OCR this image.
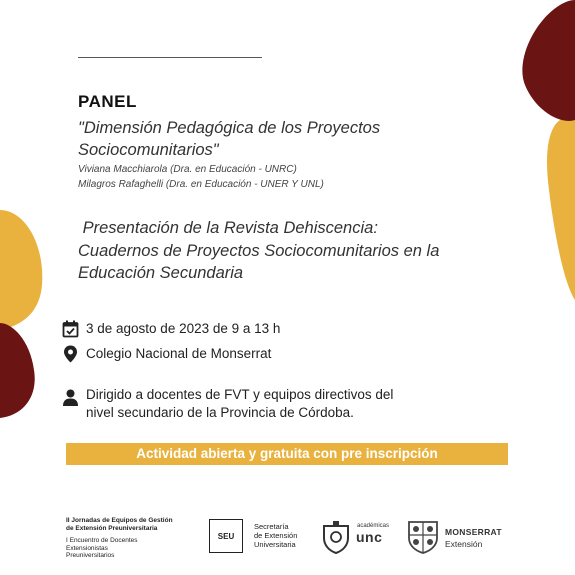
PANEL
"Dimensión Pedagógica de los Proyectos
Sociocomunitarios"
Viviana Macchiarola (Dra. en Educación - UNRC)
Milagros Rafaghelli (Dra. en Educación - UNER Y UNL)
Presentación de la Revista Dehiscencia:
Cuadernos de Proyectos Sociocomunitarios en la
Educación Secundaria
3 de agosto de 2023 de 9 a 13 h
Colegio Nacional de Monserrat
Dirigido a docentes de FVT y equipos directivos del
nivel secundario de la Provincia de Córdoba.
Actividad abierta y gratuita con pre inscripción
II Jornadas de Equipos de Gestión
de Extensión Preuniversitaria
I Encuentro de Docentes
Extensionistas
Preuniversitarios
SEU
Secretaría
de Extensión
Universitaria
académicas
unc	MONSERRAT
Extensión
